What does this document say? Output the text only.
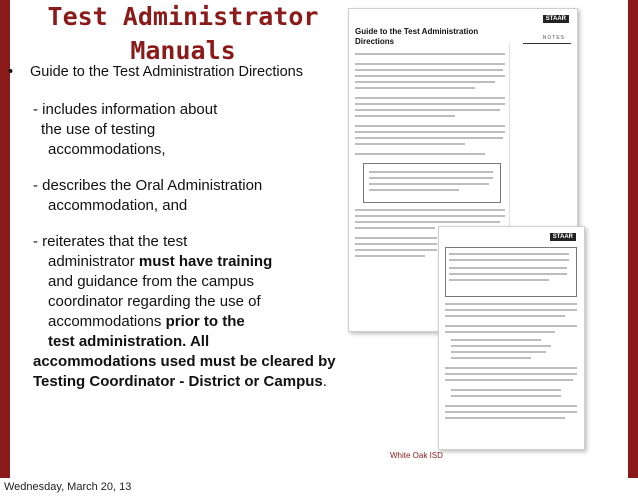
Test Administrator
Manuals
• Guide to the Test Administration Directions
- includes information about
the use of testing
accommodations,
- describes the Oral Administration
accommodation, and
- reiterates that the test
administrator must have training
and guidance from the campus
coordinator regarding the use of
accommodations prior to the
test administration. All
accommodations used must be cleared by Testing Coordinator - District or Campus.
STAAR
NOTES
Guide to the Test Administration
Directions
STAAR
White Oak ISD
Wednesday, March 20, 13
